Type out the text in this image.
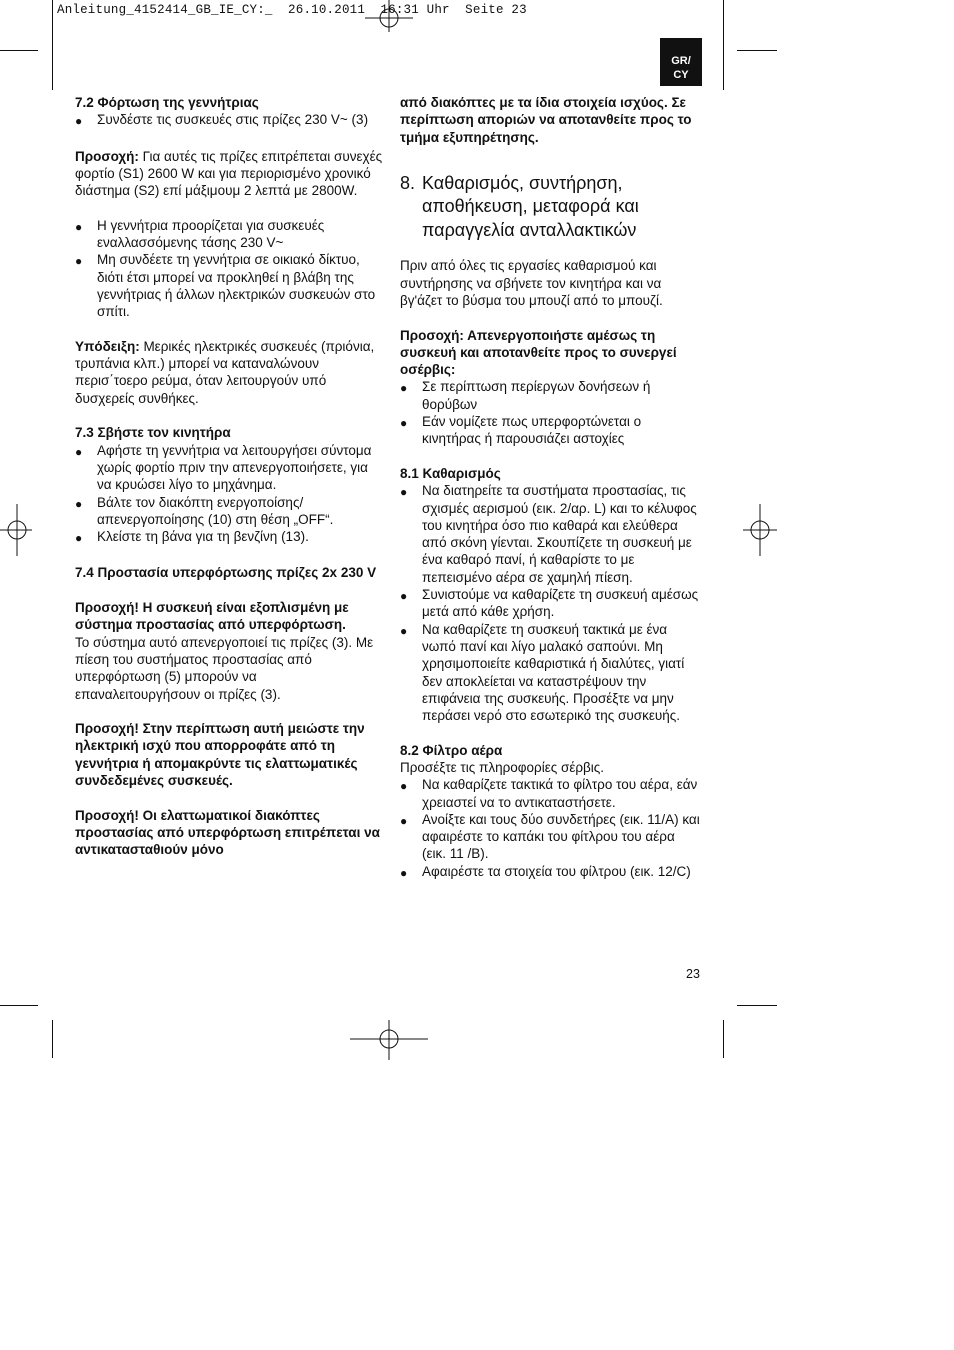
Anleitung_4152414_GB_IE_CY:_  26.10.2011  16:31 Uhr  Seite 23
GR/
CY

7.2 Φόρτωση της γεννήτριας

●
Συνδέστε τις συσκευές στις πρίζες 230 V~ (3)

Προσοχή: Για αυτές τις πρίζες επιτρέπεται συνεχές φορτίο (S1) 2600 W και για περιορισμένο χρονικό διάστημα (S2) επί μάξιμουμ 2 λεπτά με 2800W.

●
Η γεννήτρια προορίζεται για συσκευές εναλλασσόμενης τάσης 230 V~
●
Μη συνδέετε τη γεννήτρια σε οικιακό δίκτυο, διότι έτσι μπορεί να προκληθεί η βλάβη της γεννήτριας ή άλλων ηλεκτρικών συσκευών στο σπίτι.

Υπόδειξη: Μερικές ηλεκτρικές συσκευές (πριόνια, τρυπάνια κλπ.) μπορεί να καταναλώνουν περισ΄τοερο ρεύμα, όταν λειτουργούν υπό δυσχερείς συνθήκες.

7.3 Σβήστε τον κινητήρα

●
Αφήστε τη γεννήτρια να λειτουργήσει σύντομα χωρίς φορτίο πριν την απενεργοποιήσετε, για να κρυώσει λίγο το μηχάνημα.
●
Βάλτε τον διακόπτη ενεργοποίσης/απενεργοποίησης (10) στη θέση „OFF“.
●
Κλείστε τη βάνα για τη βενζίνη (13).

7.4 Προστασία υπερφόρτωσης πρίζες 2x 230 V

Προσοχή! Η συσκευή είναι εξοπλισμένη με σύστημα προστασίας από υπερφόρτωση.

Το σύστημα αυτό απενεργοποιεί τις πρίζες (3). Με πίεση του συστήματος προστασίας από υπερφόρτωση (5) μπορούν να επαναλειτουργήσουν οι πρίζες (3).

Προσοχή! Στην περίπτωση αυτή μειώστε την ηλεκτρική ισχύ που απορροφάτε από τη γεννήτρια ή απομακρύντε τις ελαττωματικές συνδεδεμένες συσκευές.

Προσοχή! Οι ελαττωματικοί διακόπτες προστασίας από υπερφόρτωση επιτρέπεται να αντικατασταθιούν μόνο

από διακόπτες με τα ίδια στοιχεία ισχύος. Σε περίπτωση απoριών να αποτανθείτε προς το τμήμα εξυπηρέτησης.

8. Καθαρισμός, συντήρηση, αποθήκευση, μεταφορά και παραγγελία ανταλλακτικών

Πριν από όλες τις εργασίες καθαρισμού και συντήρησης να σβήνετε τον κινητήρα και να βγ'άζετ το βύσμα του μπουζί από το μπουζί.

Προσοχή: Απενεργοποιήστε αμέσως τη συσκευή και αποτανθείτε προς το συνεργεί οσέρβις:

●
Σε περίπτωση περίεργων δονήσεων ή θορύβων
●
Εάν νομίζετε πως υπερφορτώνεται ο κινητήρας ή παρουσιάζει αστοχίες

8.1 Καθαρισμός

●
Να διατηρείτε τα συστήματα προστασίας, τις σχισμές αερισμού (εικ. 2/αρ. L) και το κέλυφος του κινητήρα όσο πιο καθαρά και ελεύθερα από σκόνη γίενται. Σκουπίζετε τη συσκευή με ένα καθαρό πανί, ή καθαρίστε το με πεπεισμένο αέρα σε χαμηλή πίεση.
●
Συνιστούμε να καθαρίζετε τη συσκευή αμέσως μετά από κάθε χρήση.
●
Να καθαρίζετε τη συσκευή τακτικά με ένα νωπό πανί και λίγο μαλακό σαπούνι. Μη χρησιμοποιείτε καθαριστικά ή διαλύτες, γιατί δεν αποκλείεται να καταστρέψουν την επιφάνεια της συσκευής. Προσέξτε να μην περάσει νερό στο εσωτερικό της συσκευής.

8.2 Φίλτρο αέρα

Προσέξτε τις πληροφορίες σέρβις.

●
Να καθαρίζετε τακτικά το φίλτρο του αέρα, εάν χρειαστεί να το αντικαταστήσετε.
●
Ανοίξτε και τους δύο συνδετήρες (εικ. 11/A) και αφαιρέστε το καπάκι του φίτλρου του αέρα (εικ. 11 /B).
●
Αφαιρέστε τα στοιχεία του φίλτρου (εικ. 12/C)
23
